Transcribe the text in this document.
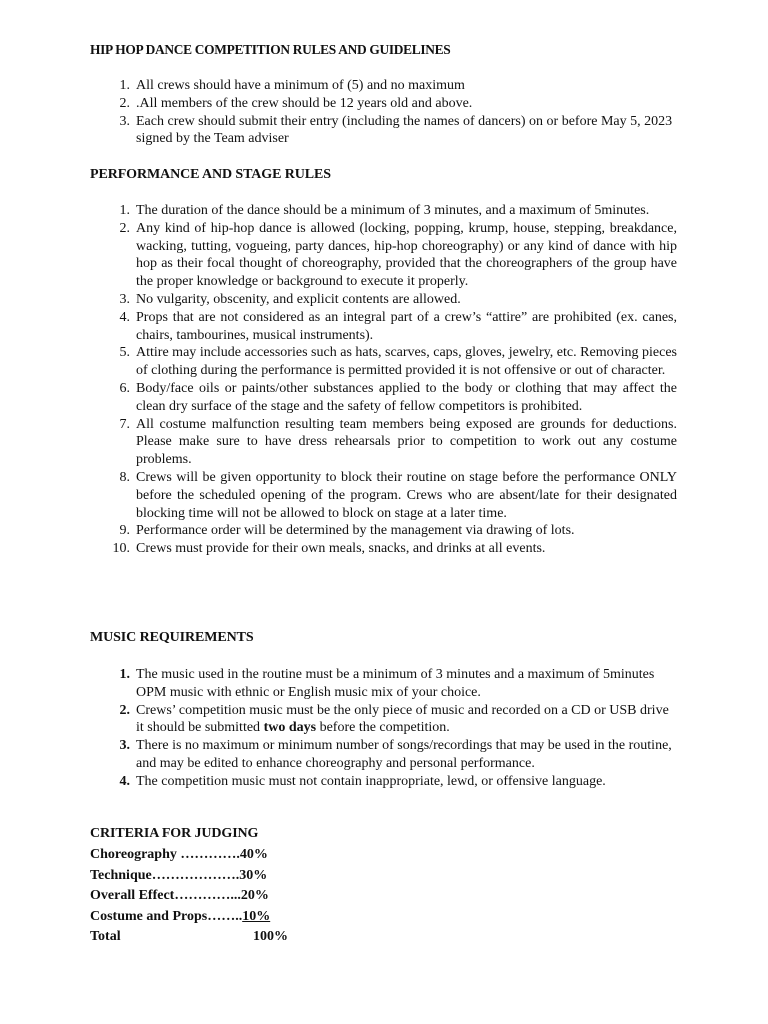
HIP HOP DANCE COMPETITION RULES AND GUIDELINES
1. All crews should have a minimum of (5) and no maximum
2. .All members of the crew should be 12 years old and above.
3. Each crew should submit their entry (including the names of dancers) on or before May 5, 2023 signed by the Team adviser
PERFORMANCE AND STAGE RULES
1. The duration of the dance should be a minimum of 3 minutes, and a maximum of 5minutes.
2. Any kind of hip-hop dance is allowed (locking, popping, krump, house, stepping, breakdance, wacking, tutting, vogueing, party dances, hip-hop choreography) or any kind of dance with hip hop as their focal thought of choreography, provided that the choreographers of the group have the proper knowledge or background to execute it properly.
3. No vulgarity, obscenity, and explicit contents are allowed.
4. Props that are not considered as an integral part of a crew’s “attire” are prohibited (ex. canes, chairs, tambourines, musical instruments).
5. Attire may include accessories such as hats, scarves, caps, gloves, jewelry, etc. Removing pieces of clothing during the performance is permitted provided it is not offensive or out of character.
6. Body/face oils or paints/other substances applied to the body or clothing that may affect the clean dry surface of the stage and the safety of fellow competitors is prohibited.
7. All costume malfunction resulting team members being exposed are grounds for deductions. Please make sure to have dress rehearsals prior to competition to work out any costume problems.
8. Crews will be given opportunity to block their routine on stage before the performance ONLY before the scheduled opening of the program. Crews who are absent/late for their designated blocking time will not be allowed to block on stage at a later time.
9. Performance order will be determined by the management via drawing of lots.
10. Crews must provide for their own meals, snacks, and drinks at all events.
MUSIC REQUIREMENTS
1. The music used in the routine must be a minimum of 3 minutes and a maximum of 5minutes OPM music with ethnic or English music mix of your choice.
2. Crews’ competition music must be the only piece of music and recorded on a CD or USB drive it should be submitted two days before the competition.
3. There is no maximum or minimum number of songs/recordings that may be used in the routine, and may be edited to enhance choreography and personal performance.
4. The competition music must not contain inappropriate, lewd, or offensive language.
CRITERIA FOR JUDGING
Choreography ………….40%
Technique……………….30%
Overall Effect…………...20%
Costume and Props……..10%
Total	100%
